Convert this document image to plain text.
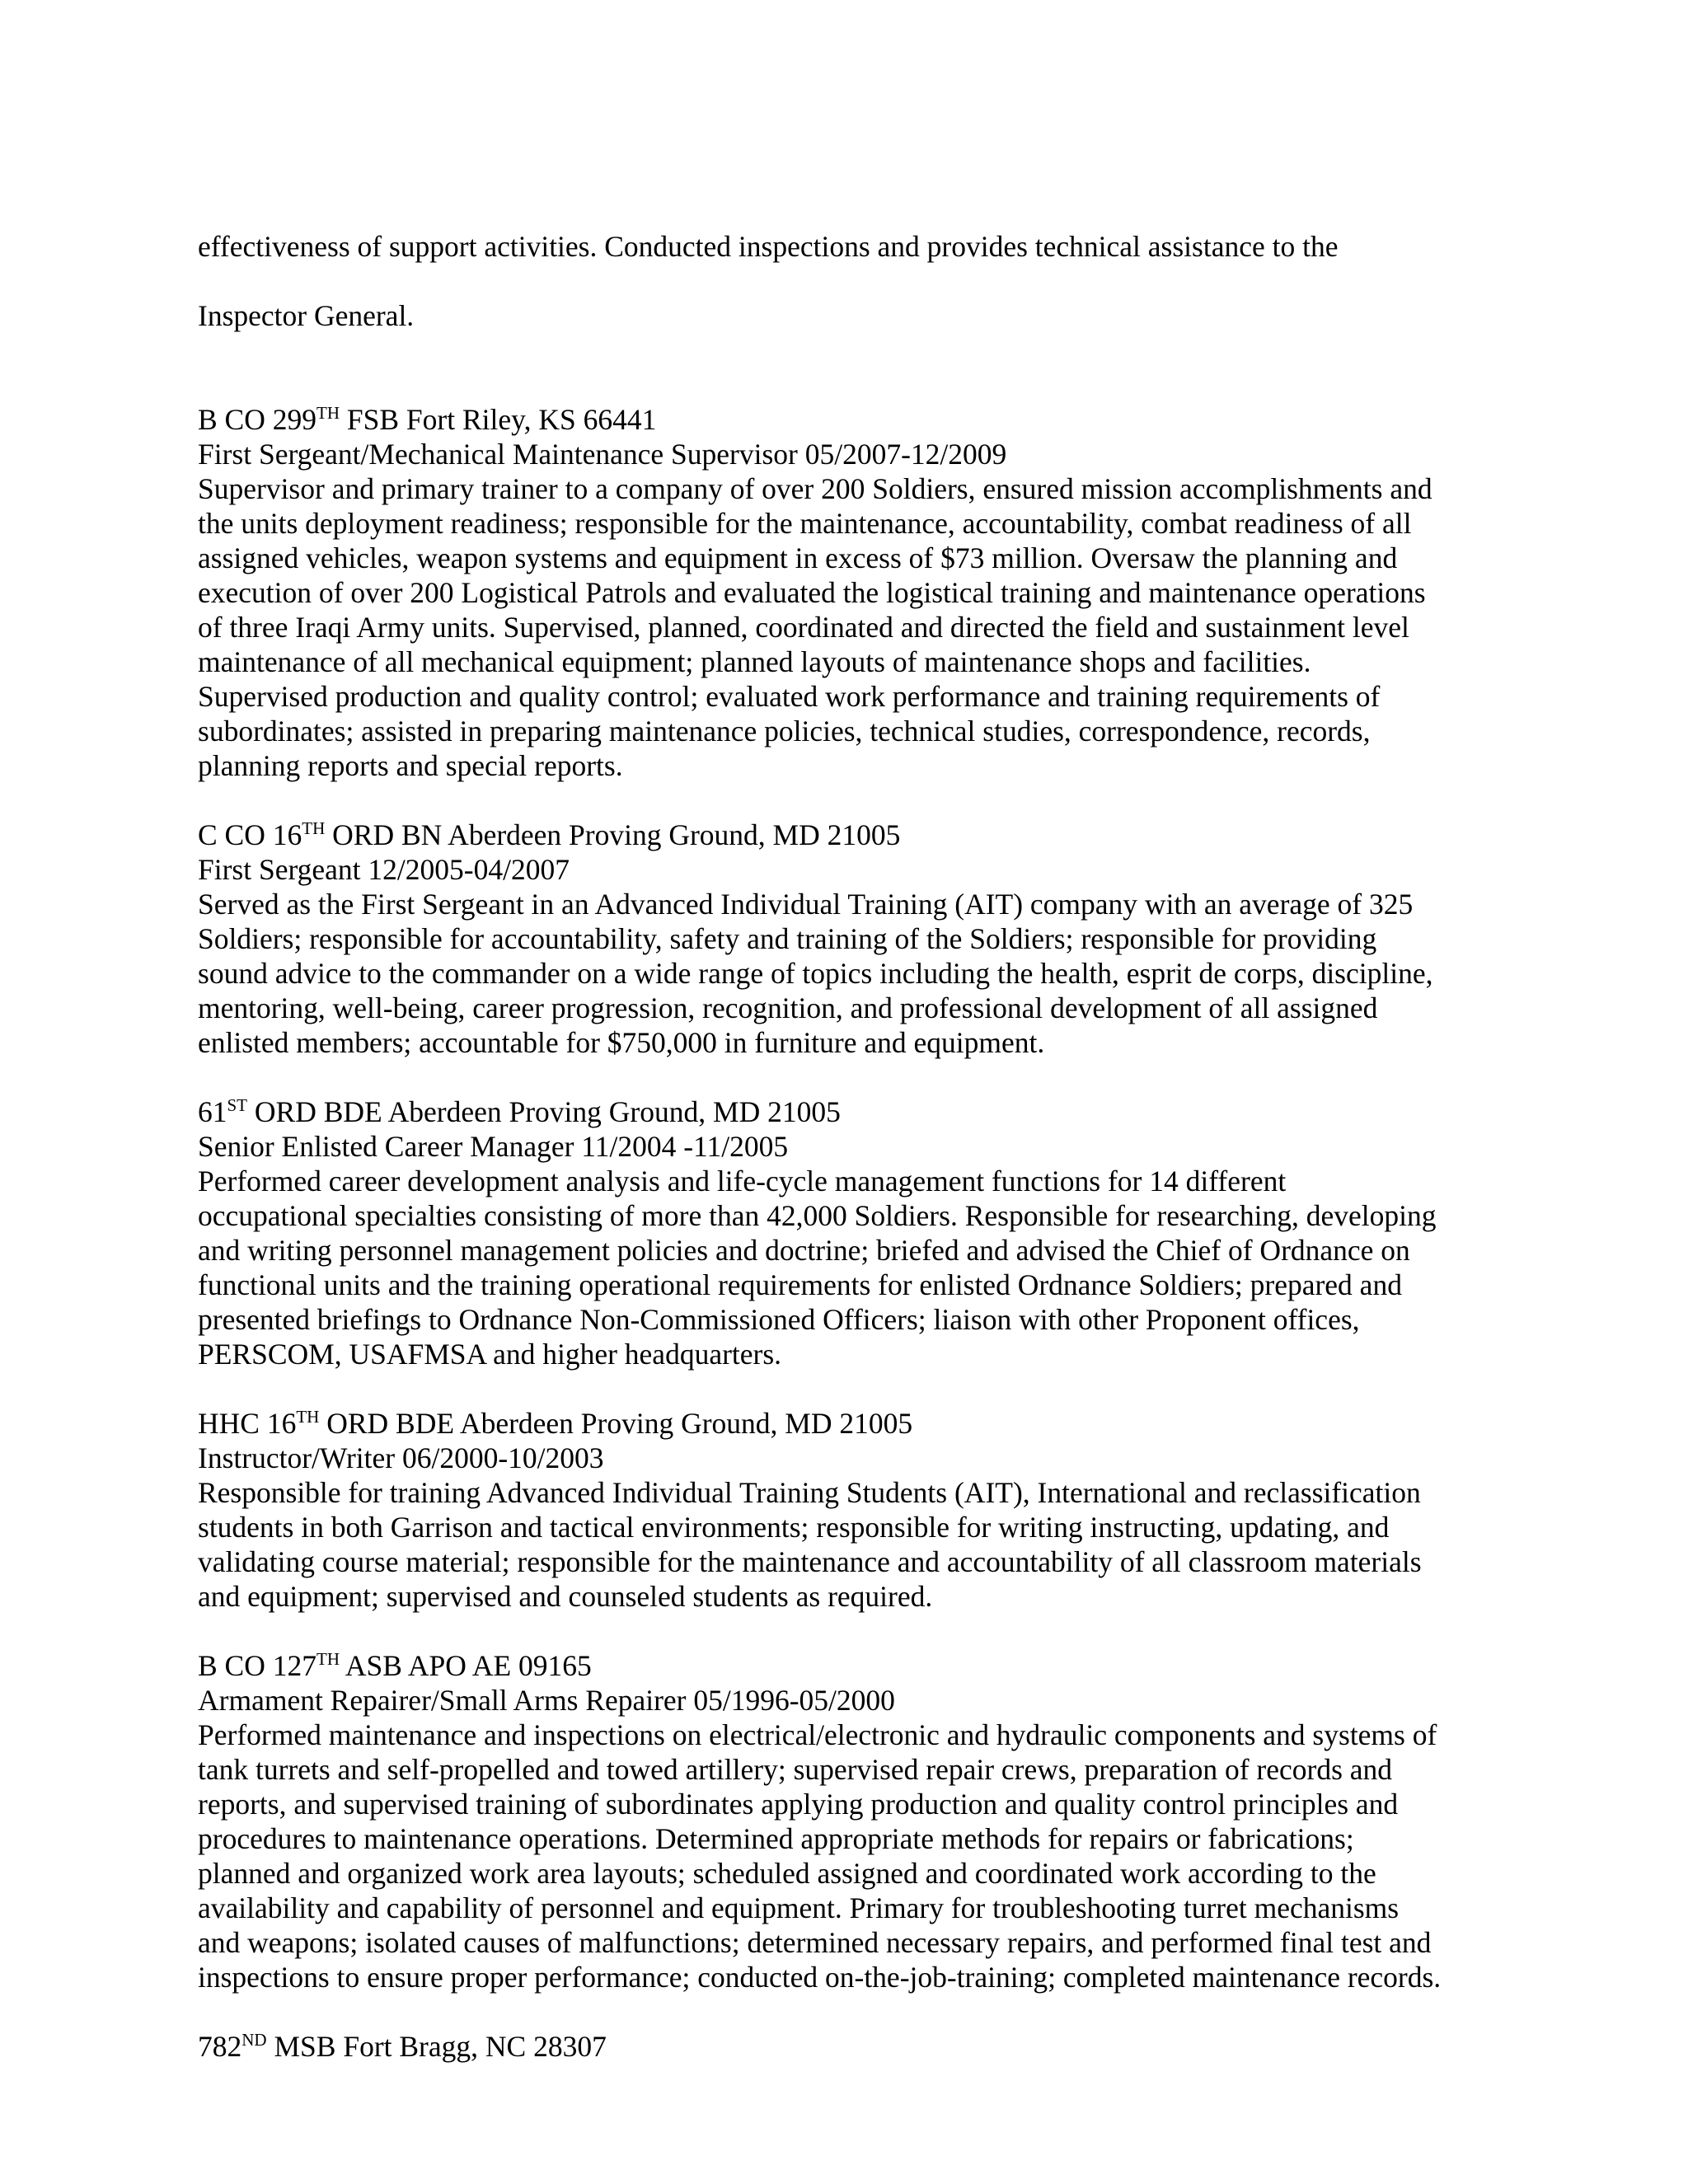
effectiveness of support activities. Conducted inspections and provides technical assistance to the

Inspector General.

B CO 299TH FSB Fort Riley, KS 66441
First Sergeant/Mechanical Maintenance Supervisor 05/2007-12/2009
Supervisor and primary trainer to a company of over 200 Soldiers, ensured mission accomplishments and
the units deployment readiness; responsible for the maintenance, accountability, combat readiness of all
assigned vehicles, weapon systems and equipment in excess of $73 million. Oversaw the planning and
execution of over 200 Logistical Patrols and evaluated the logistical training and maintenance operations
of three Iraqi Army units. Supervised, planned, coordinated and directed the field and sustainment level
maintenance of all mechanical equipment; planned layouts of maintenance shops and facilities.
Supervised production and quality control; evaluated work performance and training requirements of
subordinates; assisted in preparing maintenance policies, technical studies, correspondence, records,
planning reports and special reports.
C CO 16TH ORD BN Aberdeen Proving Ground, MD 21005
First Sergeant 12/2005-04/2007
Served as the First Sergeant in an Advanced Individual Training (AIT) company with an average of 325
Soldiers; responsible for accountability, safety and training of the Soldiers; responsible for providing
sound advice to the commander on a wide range of topics including the health, esprit de corps, discipline,
mentoring, well-being, career progression, recognition, and professional development of all assigned
enlisted members; accountable for $750,000 in furniture and equipment.
61ST ORD BDE Aberdeen Proving Ground, MD 21005
Senior Enlisted Career Manager 11/2004 -11/2005
Performed career development analysis and life-cycle management functions for 14 different
occupational specialties consisting of more than 42,000 Soldiers. Responsible for researching, developing
and writing personnel management policies and doctrine; briefed and advised the Chief of Ordnance on
functional units and the training operational requirements for enlisted Ordnance Soldiers; prepared and
presented briefings to Ordnance Non-Commissioned Officers; liaison with other Proponent offices,
PERSCOM, USAFMSA and higher headquarters.
HHC 16TH ORD BDE Aberdeen Proving Ground, MD 21005
Instructor/Writer 06/2000-10/2003
Responsible for training Advanced Individual Training Students (AIT), International and reclassification
students in both Garrison and tactical environments; responsible for writing instructing, updating, and
validating course material; responsible for the maintenance and accountability of all classroom materials
and equipment; supervised and counseled students as required.
B CO 127TH ASB APO AE 09165
Armament Repairer/Small Arms Repairer 05/1996-05/2000
Performed maintenance and inspections on electrical/electronic and hydraulic components and systems of
tank turrets and self-propelled and towed artillery; supervised repair crews, preparation of records and
reports, and supervised training of subordinates applying production and quality control principles and
procedures to maintenance operations. Determined appropriate methods for repairs or fabrications;
planned and organized work area layouts; scheduled assigned and coordinated work according to the
availability and capability of personnel and equipment. Primary for troubleshooting turret mechanisms
and weapons; isolated causes of malfunctions; determined necessary repairs, and performed final test and
inspections to ensure proper performance; conducted on-the-job-training; completed maintenance records.
782ND MSB Fort Bragg, NC 28307
